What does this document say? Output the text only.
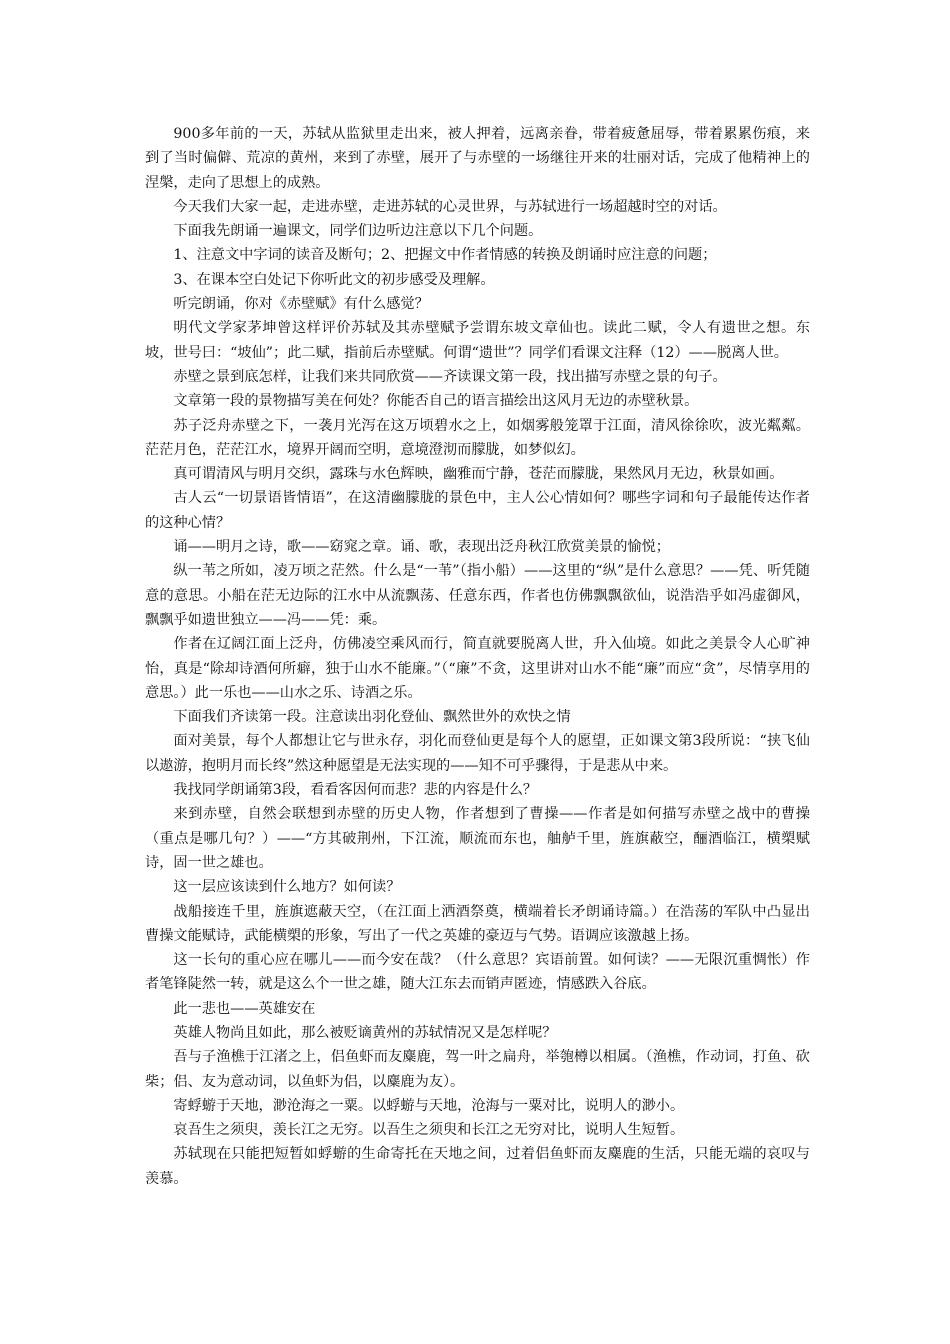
900多年前的一天，苏轼从监狱里走出来，被人押着，远离亲眷，带着疲惫屈辱，带着累累伤痕，来到了当时偏僻、荒凉的黄州，来到了赤壁，展开了与赤壁的一场继往开来的壮丽对话，完成了他精神上的涅槃，走向了思想上的成熟。

今天我们大家一起，走进赤壁，走进苏轼的心灵世界，与苏轼进行一场超越时空的对话。

下面我先朗诵一遍课文，同学们边听边注意以下几个问题。

1、注意文中字词的读音及断句；2、把握文中作者情感的转换及朗诵时应注意的问题；

3、在课本空白处记下你听此文的初步感受及理解。

听完朗诵，你对《赤壁赋》有什么感觉？

明代文学家茅坤曾这样评价苏轼及其赤壁赋予尝谓东坡文章仙也。读此二赋，令人有遗世之想。东坡，世号曰：“坡仙”；此二赋，指前后赤壁赋。何谓“遗世”？同学们看课文注释（12）——脱离人世。

赤壁之景到底怎样，让我们来共同欣赏——齐读课文第一段，找出描写赤壁之景的句子。

文章第一段的景物描写美在何处？你能否自己的语言描绘出这风月无边的赤壁秋景。

苏子泛舟赤壁之下，一袭月光泻在这万顷碧水之上，如烟雾般笼罩于江面，清风徐徐吹，波光粼粼。茫茫月色，茫茫江水，境界开阔而空明，意境澄沏而朦胧，如梦似幻。

真可谓清风与明月交织，露珠与水色辉映，幽雅而宁静，苍茫而朦胧，果然风月无边，秋景如画。

古人云“一切景语皆情语”，在这清幽朦胧的景色中，主人公心情如何？哪些字词和句子最能传达作者的这种心情？

诵——明月之诗，歌——窈窕之章。诵、歌，表现出泛舟秋江欣赏美景的愉悦；

纵一苇之所如，凌万顷之茫然。什么是“一苇”（指小船）——这里的“纵”是什么意思？——凭、听凭随意的意思。小船在茫无边际的江水中从流飘荡、任意东西，作者也仿佛飘飘欲仙，说浩浩乎如冯虚御风，飘飘乎如遗世独立——冯——凭：乘。

作者在辽阔江面上泛舟，仿佛凌空乘风而行，简直就要脱离人世，升入仙境。如此之美景令人心旷神怡，真是“除却诗酒何所癖，独于山水不能廉。”（“廉”不贪，这里讲对山水不能“廉”而应“贪”，尽情享用的意思。）此一乐也——山水之乐、诗酒之乐。

下面我们齐读第一段。注意读出羽化登仙、飘然世外的欢快之情

面对美景，每个人都想让它与世永存，羽化而登仙更是每个人的愿望，正如课文第3段所说：“挟飞仙以遨游，抱明月而长终”然这种愿望是无法实现的——知不可乎骤得，于是悲从中来。

我找同学朗诵第3段，看看客因何而悲？悲的内容是什么？

来到赤壁，自然会联想到赤壁的历史人物，作者想到了曹操——作者是如何描写赤壁之战中的曹操（重点是哪几句？）——“方其破荆州，下江流，顺流而东也，舳舻千里，旌旗蔽空，酾酒临江，横槊赋诗，固一世之雄也。

这一层应该读到什么地方？如何读？

战船接连千里，旌旗遮蔽天空，（在江面上洒酒祭奠，横端着长矛朗诵诗篇。）在浩荡的军队中凸显出曹操文能赋诗，武能横槊的形象，写出了一代之英雄的豪迈与气势。语调应该激越上扬。

这一长句的重心应在哪儿——而今安在哉？（什么意思？宾语前置。如何读？——无限沉重惆怅）作者笔锋陡然一转，就是这么个一世之雄，随大江东去而销声匿迹，情感跌入谷底。

此一悲也——英雄安在

英雄人物尚且如此，那么被贬谪黄州的苏轼情况又是怎样呢？

吾与子渔樵于江渚之上，侣鱼虾而友麋鹿，驾一叶之扁舟，举匏樽以相属。（渔樵，作动词，打鱼、砍柴；侣、友为意动词，以鱼虾为侣，以麋鹿为友）。

寄蜉蝣于天地，渺沧海之一粟。以蜉蝣与天地，沧海与一粟对比，说明人的渺小。

哀吾生之须臾，羡长江之无穷。以吾生之须臾和长江之无穷对比，说明人生短暂。

苏轼现在只能把短暂如蜉蝣的生命寄托在天地之间，过着侣鱼虾而友麋鹿的生活，只能无端的哀叹与羡慕。
